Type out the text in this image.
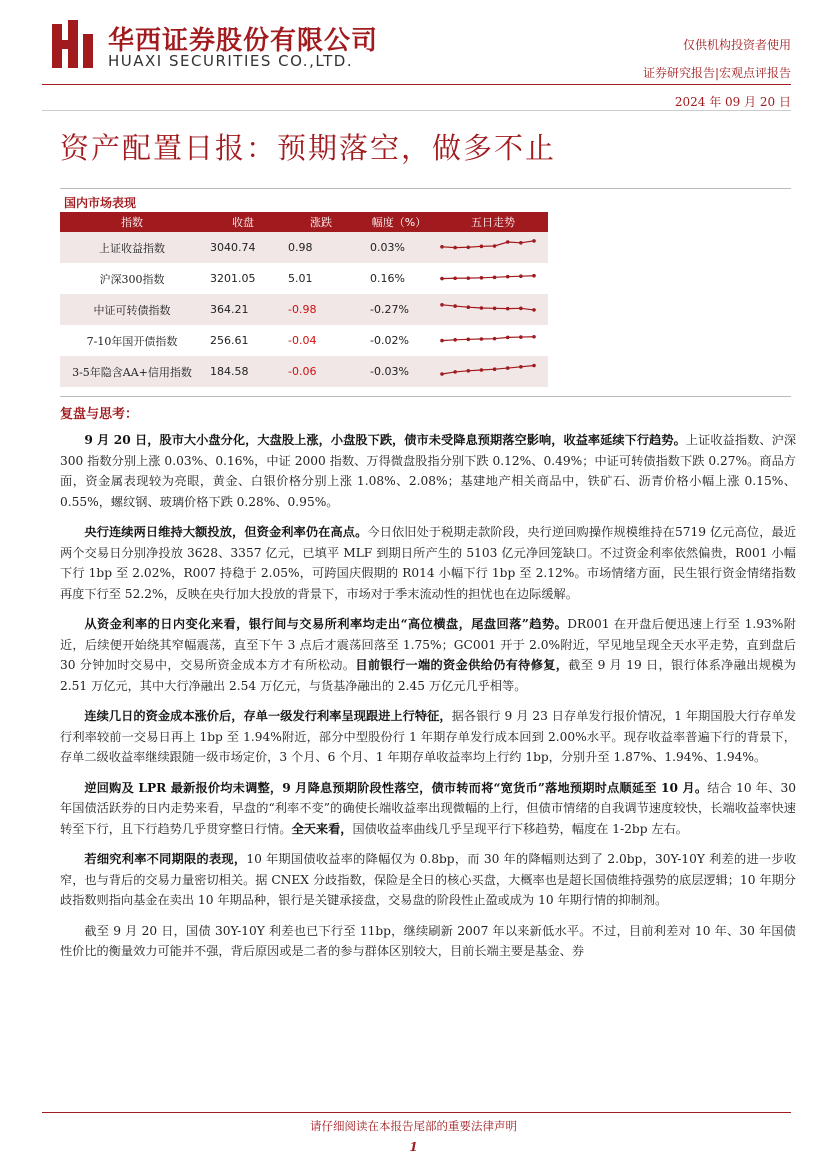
华西证券股份有限公司
HUAXI SECURITIES CO.,LTD.
仅供机构投资者使用
证券研究报告|宏观点评报告
2024 年 09 月 20 日
资产配置日报：预期落空，做多不止
国内市场表现
指数	收盘	涨跌	幅度（%）	五日走势
上证收益指数	3040.74	0.98	0.03%
沪深300指数	3201.05	5.01	0.16%
中证可转债指数	364.21	-0.98	-0.27%
7-10年国开债指数	256.61	-0.04	-0.02%
3-5年隐含AA+信用指数	184.58	-0.06	-0.03%
复盘与思考：

9 月 20 日，股市大小盘分化，大盘股上涨，小盘股下跌，债市未受降息预期落空影响，收益率延续下行趋势。上证收益指数、沪深 300 指数分别上涨 0.03%、0.16%，中证 2000 指数、万得微盘股指分别下跌 0.12%、0.49%；中证可转债指数下跌 0.27%。商品方面，资金属表现较为亮眼，黄金、白银价格分别上涨 1.08%、2.08%；基建地产相关商品中，铁矿石、沥青价格小幅上涨 0.15%、0.55%，螺纹钢、玻璃价格下跌 0.28%、0.95%。

央行连续两日维持大额投放，但资金利率仍在高点。今日依旧处于税期走款阶段，央行逆回购操作规模维持在5719 亿元高位，最近两个交易日分别净投放 3628、3357 亿元，已填平 MLF 到期日所产生的 5103 亿元净回笼缺口。不过资金利率依然偏贵，R001 小幅下行 1bp 至 2.02%，R007 持稳于 2.05%，可跨国庆假期的 R014 小幅下行 1bp 至 2.12%。市场情绪方面，民生银行资金情绪指数再度下行至 52.2%，反映在央行加大投放的背景下，市场对于季末流动性的担忧也在边际缓解。

从资金利率的日内变化来看，银行间与交易所利率均走出“高位横盘，尾盘回落”趋势。DR001 在开盘后便迅速上行至 1.93%附近，后续便开始绕其窄幅震荡，直至下午 3 点后才震荡回落至 1.75%；GC001 开于 2.0%附近，罕见地呈现全天水平走势，直到盘后 30 分钟加时交易中，交易所资金成本方才有所松动。目前银行一端的资金供给仍有待修复，截至 9 月 19 日，银行体系净融出规模为 2.51 万亿元，其中大行净融出 2.54 万亿元，与货基净融出的 2.45 万亿元几乎相等。

连续几日的资金成本涨价后，存单一级发行利率呈现跟进上行特征，据各银行 9 月 23 日存单发行报价情况，1 年期国股大行存单发行利率较前一交易日再上 1bp 至 1.94%附近，部分中型股份行 1 年期存单发行成本回到 2.00%水平。现存收益率普遍下行的背景下，存单二级收益率继续跟随一级市场定价，3 个月、6 个月、1 年期存单收益率均上行约 1bp，分别升至 1.87%、1.94%、1.94%。

逆回购及 LPR 最新报价均未调整，9 月降息预期阶段性落空，债市转而将“宽货币”落地预期时点顺延至 10 月。结合 10 年、30 年国债活跃券的日内走势来看，早盘的“利率不变”的确使长端收益率出现微幅的上行，但债市情绪的自我调节速度较快，长端收益率快速转至下行，且下行趋势几乎贯穿整日行情。全天来看，国债收益率曲线几乎呈现平行下移趋势，幅度在 1-2bp 左右。

若细究利率不同期限的表现，10 年期国债收益率的降幅仅为 0.8bp，而 30 年的降幅则达到了 2.0bp，30Y-10Y 利差的进一步收窄，也与背后的交易力量密切相关。据 CNEX 分歧指数，保险是全日的核心买盘，大概率也是超长国债维持强势的底层逻辑；10 年期分歧指数则指向基金在卖出 10 年期品种，银行是关键承接盘，交易盘的阶段性止盈或成为 10 年期行情的抑制剂。

截至 9 月 20 日，国债 30Y-10Y 利差也已下行至 11bp，继续刷新 2007 年以来新低水平。不过，目前利差对 10 年、30 年国债性价比的衡量效力可能并不强，背后原因或是二者的参与群体区别较大，目前长端主要是基金、券

请仔细阅读在本报告尾部的重要法律声明
1
